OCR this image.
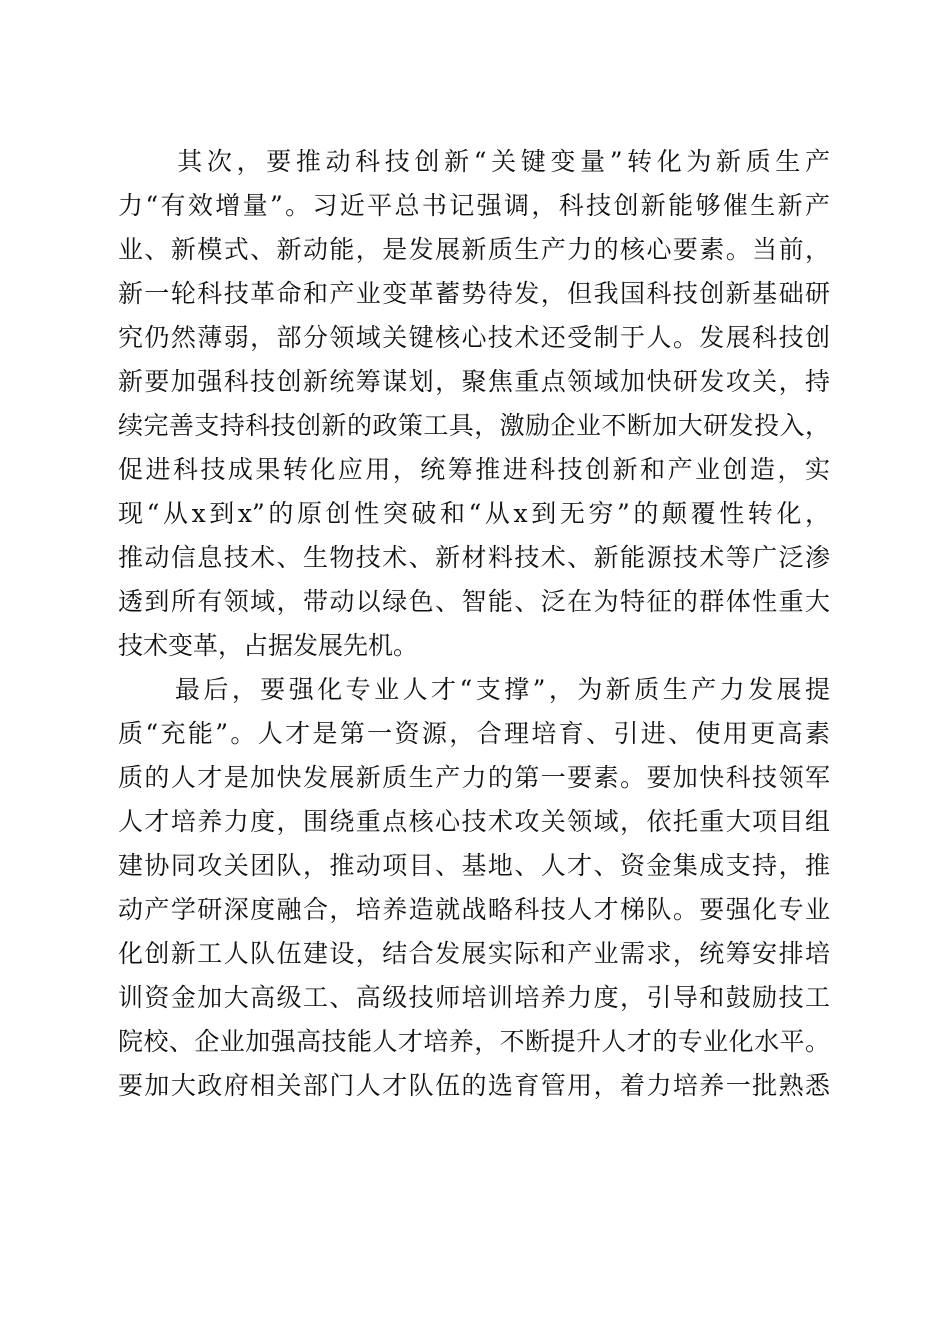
　　其次，要推动科技创新“关键变量”转化为新质生产
力“有效增量”。习近平总书记强调，科技创新能够催生新产
业、新模式、新动能，是发展新质生产力的核心要素。当前，
新一轮科技革命和产业变革蓄势待发，但我国科技创新基础研
究仍然薄弱，部分领域关键核心技术还受制于人。发展科技创
新要加强科技创新统筹谋划，聚焦重点领域加快研发攻关，持
续完善支持科技创新的政策工具，激励企业不断加大研发投入，
促进科技成果转化应用，统筹推进科技创新和产业创造，实
现“从x到x”的原创性突破和“从x到无穷”的颠覆性转化，
推动信息技术、生物技术、新材料技术、新能源技术等广泛渗
透到所有领域，带动以绿色、智能、泛在为特征的群体性重大
技术变革，占据发展先机。
　　最后，要强化专业人才“支撑”，为新质生产力发展提
质“充能”。人才是第一资源，合理培育、引进、使用更高素
质的人才是加快发展新质生产力的第一要素。要加快科技领军
人才培养力度，围绕重点核心技术攻关领域，依托重大项目组
建协同攻关团队，推动项目、基地、人才、资金集成支持，推
动产学研深度融合，培养造就战略科技人才梯队。要强化专业
化创新工人队伍建设，结合发展实际和产业需求，统筹安排培
训资金加大高级工、高级技师培训培养力度，引导和鼓励技工
院校、企业加强高技能人才培养，不断提升人才的专业化水平。
要加大政府相关部门人才队伍的选育管用，着力培养一批熟悉
